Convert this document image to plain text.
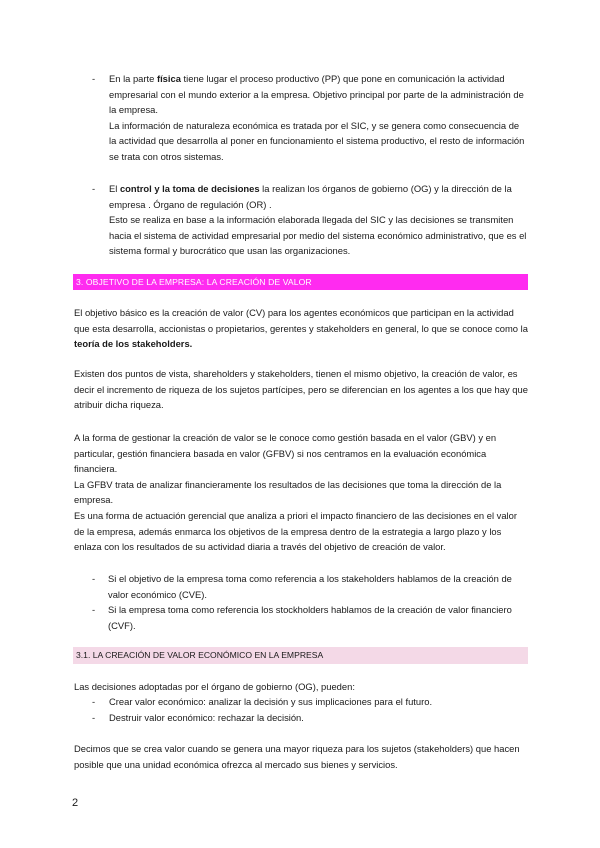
- En la parte física tiene lugar el proceso productivo (PP) que pone en comunicación la actividad empresarial con el mundo exterior a la empresa. Objetivo principal por parte de la administración de la empresa.

La información de naturaleza económica es tratada por el SIC, y se genera como consecuencia de la actividad que desarrolla al poner en funcionamiento el sistema productivo, el resto de información se trata con otros sistemas.

- El control y la toma de decisiones la realizan los órganos de gobierno (OG) y la dirección de la empresa . Órgano de regulación (OR) .

Esto se realiza en base a la información elaborada llegada del SIC y las decisiones se transmiten hacia el sistema de actividad empresarial por medio del sistema económico administrativo, que es el sistema formal y burocrático que usan las organizaciones.

3. OBJETIVO DE LA EMPRESA: LA CREACIÓN DE VALOR

El objetivo básico es la creación de valor (CV) para los agentes económicos que participan en la actividad que esta desarrolla, accionistas o propietarios, gerentes y stakeholders en general, lo que se conoce como la teoría de los stakeholders.

Existen dos puntos de vista, shareholders y stakeholders, tienen el mismo objetivo, la creación de valor, es decir el incremento de riqueza de los sujetos partícipes, pero se diferencian en los agentes a los que hay que atribuir dicha riqueza.

A la forma de gestionar la creación de valor se le conoce como gestión basada en el valor (GBV) y en particular, gestión financiera basada en valor (GFBV) si nos centramos en la evaluación económica financiera.

La GFBV trata de analizar financieramente los resultados de las decisiones que toma la dirección de la empresa.

Es una forma de actuación gerencial que analiza a priori el impacto financiero de las decisiones en el valor de la empresa, además enmarca los objetivos de la empresa dentro de la estrategia a largo plazo y los enlaza con los resultados de su actividad diaria a través del objetivo de creación de valor.

- Si el objetivo de la empresa toma como referencia a los stakeholders hablamos de la creación de valor económico (CVE).
- Si la empresa toma como referencia los stockholders hablamos de la creación de valor financiero (CVF).
3.1. LA CREACIÓN DE VALOR ECONÓMICO EN LA EMPRESA
Las decisiones adoptadas por el órgano de gobierno (OG), pueden:
- Crear valor económico: analizar la decisión y sus implicaciones para el futuro.
- Destruir valor económico: rechazar la decisión.
Decimos que se crea valor cuando se genera una mayor riqueza para los sujetos (stakeholders) que hacen posible que una unidad económica ofrezca al mercado sus bienes y servicios.
2
